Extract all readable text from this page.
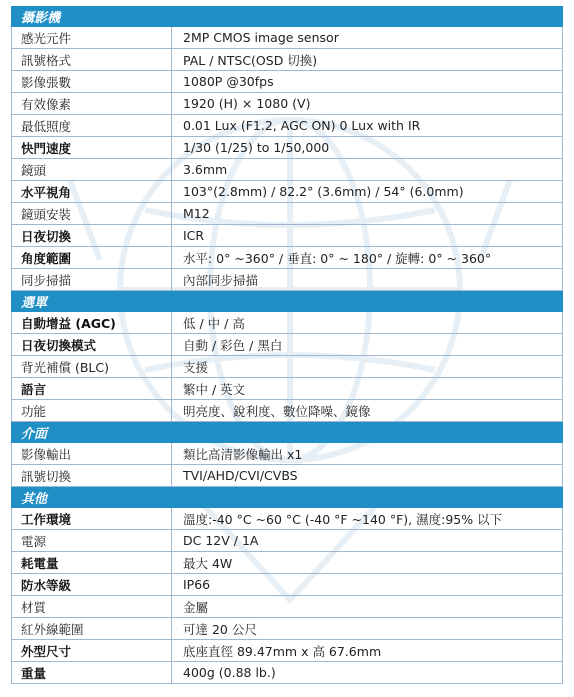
攝影機	
感光元件	2MP CMOS image sensor
訊號格式	PAL / NTSC(OSD 切換)
影像張數	1080P @30fps
有效像素	1920 (H) × 1080 (V)
最低照度	0.01 Lux (F1.2, AGC ON) 0 Lux with IR
快門速度	1/30 (1/25) to 1/50,000
鏡頭	3.6mm
水平視角	103°(2.8mm) / 82.2° (3.6mm) / 54° (6.0mm)
鏡頭安裝	M12
日夜切換	ICR
角度範圍	水平: 0° ~360° / 垂直: 0° ~ 180° / 旋轉: 0° ~ 360°
同步掃描	內部同步掃描
選單	
自動增益 (AGC)	低 / 中 / 高
日夜切換模式	自動 / 彩色 / 黑白
背光補償 (BLC)	支援
語言	繁中 / 英文
功能	明亮度、銳利度、數位降噪、鏡像
介面	
影像輸出	類比高清影像輸出 x1
訊號切換	TVI/AHD/CVI/CVBS
其他	
工作環境	溫度:-40 °C ~60 °C (-40 °F ~140 °F), 濕度:95% 以下
電源	DC 12V / 1A
耗電量	最大 4W
防水等級	IP66
材質	金屬
紅外線範圍	可達 20 公尺
外型尺寸	底座直徑 89.47mm x 高 67.6mm
重量	400g (0.88 lb.)
